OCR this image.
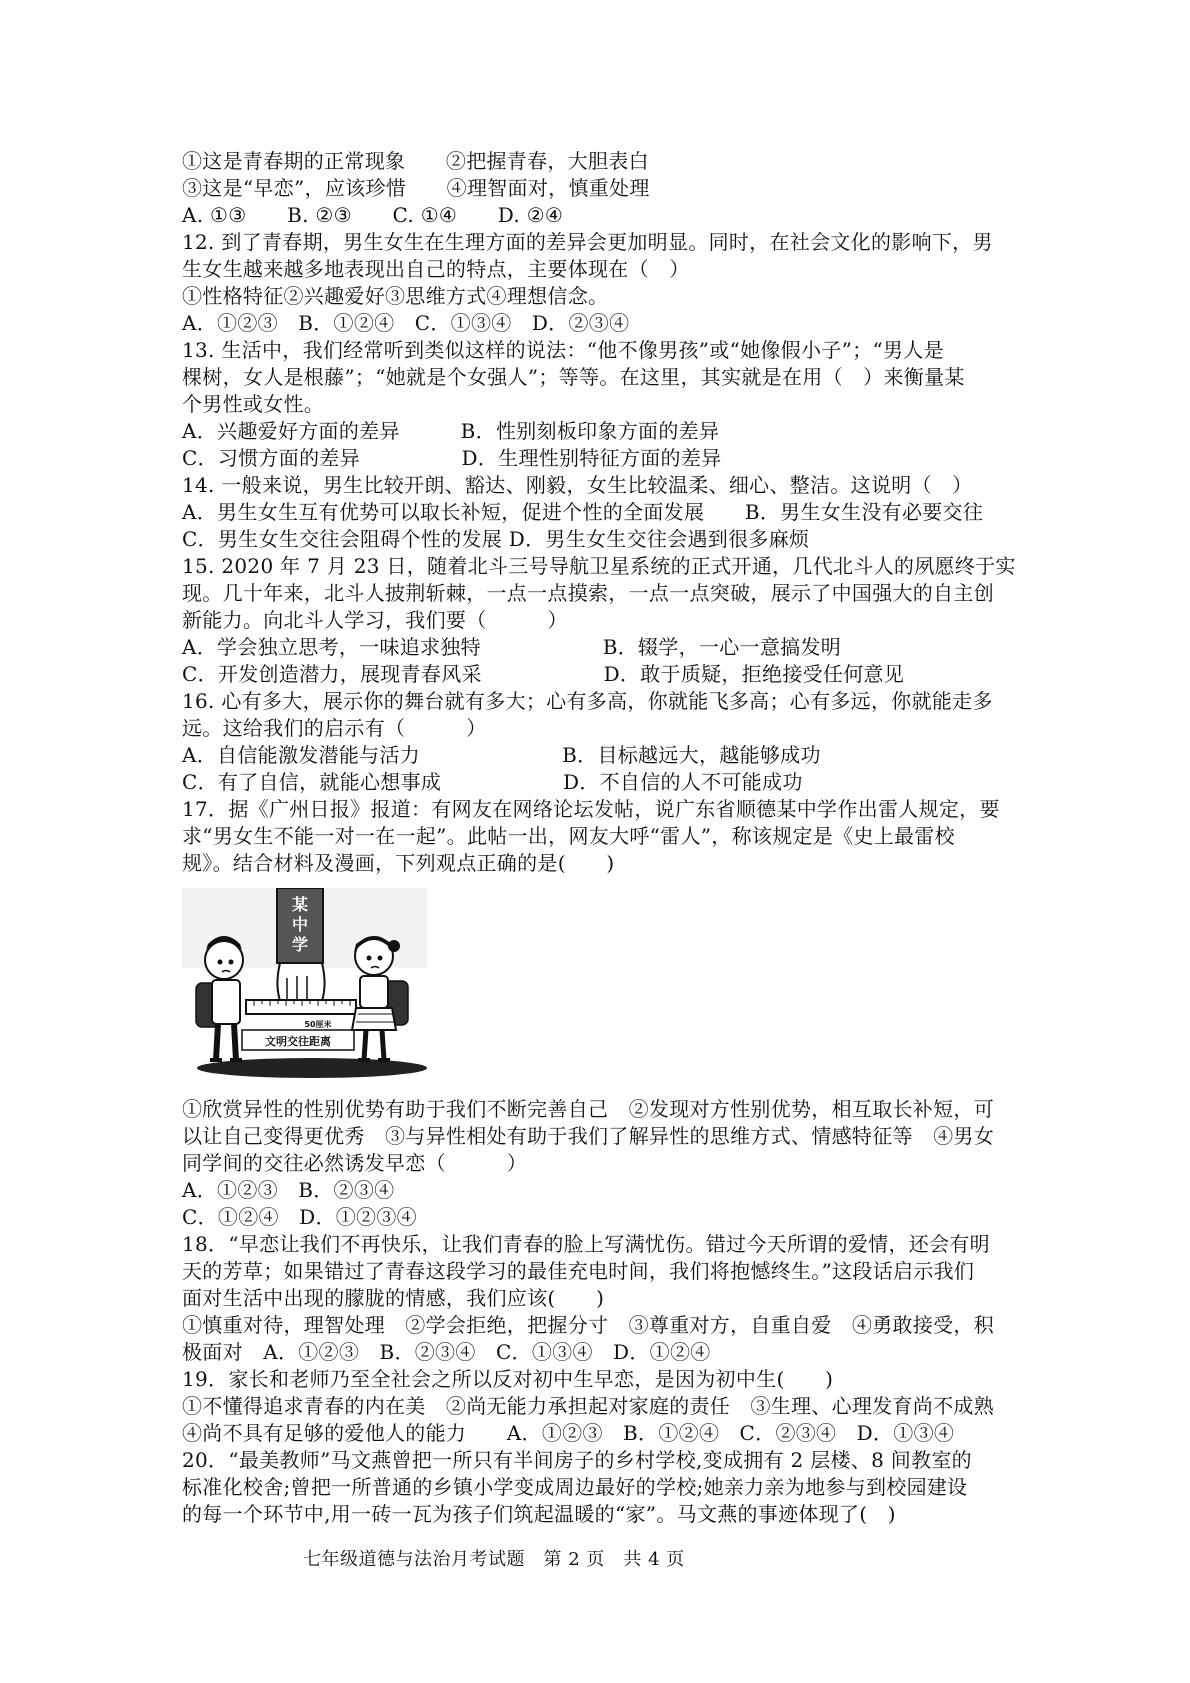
①这是青春期的正常现象　　②把握青春，大胆表白
③这是“早恋”，应该珍惜　　④理智面对，慎重处理
A. ①③　　B. ②③　　C. ①④　　D. ②④
12. 到了青春期，男生女生在生理方面的差异会更加明显。同时，在社会文化的影响下，男
生女生越来越多地表现出自己的特点，主要体现在（　）
①性格特征②兴趣爱好③思维方式④理想信念。
A．①②③　B．①②④　C．①③④　D．②③④
13. 生活中，我们经常听到类似这样的说法：“他不像男孩”或“她像假小子”；“男人是
棵树，女人是根藤”；“她就是个女强人”；等等。在这里，其实就是在用（　）来衡量某
个男性或女性。
A．兴趣爱好方面的差异　　　B．性别刻板印象方面的差异
C．习惯方面的差异　　　　　D．生理性别特征方面的差异
14. 一般来说，男生比较开朗、豁达、刚毅，女生比较温柔、细心、整洁。这说明（　）
A．男生女生互有优势可以取长补短，促进个性的全面发展　　B．男生女生没有必要交往
C．男生女生交往会阻碍个性的发展 D．男生女生交往会遇到很多麻烦
15. 2020 年 7 月 23 日，随着北斗三号导航卫星系统的正式开通，几代北斗人的夙愿终于实
现。几十年来，北斗人披荆斩棘，一点一点摸索，一点一点突破，展示了中国强大的自主创
新能力。向北斗人学习，我们要（　　　）
A．学会独立思考，一味追求独特　　　　　　B．辍学，一心一意搞发明
C．开发创造潜力，展现青春风采　　　　　　D．敢于质疑，拒绝接受任何意见
16. 心有多大，展示你的舞台就有多大；心有多高，你就能飞多高；心有多远，你就能走多
远。这给我们的启示有（　　　）
A．自信能激发潜能与活力　　　　　　　B．目标越远大，越能够成功
C．有了自信，就能心想事成　　　　　　D．不自信的人不可能成功
17．据《广州日报》报道：有网友在网络论坛发帖，说广东省顺德某中学作出雷人规定，要
求“男女生不能一对一在一起”。此帖一出，网友大呼“雷人”，称该规定是《史上最雷校
规》。结合材料及漫画，下列观点正确的是(　　)
某
中
学
50厘米
文明交往距离
①欣赏异性的性别优势有助于我们不断完善自己　②发现对方性别优势，相互取长补短，可
以让自己变得更优秀　③与异性相处有助于我们了解异性的思维方式、情感特征等　④男女
同学间的交往必然诱发早恋（　　　）
A．①②③　B．②③④
C．①②④　D．①②③④
18．“早恋让我们不再快乐，让我们青春的脸上写满忧伤。错过今天所谓的爱情，还会有明
天的芳草；如果错过了青春这段学习的最佳充电时间，我们将抱憾终生。”这段话启示我们
面对生活中出现的朦胧的情感，我们应该(　　)
①慎重对待，理智处理　②学会拒绝，把握分寸　③尊重对方，自重自爱　④勇敢接受，积
极面对　A．①②③　B．②③④　C．①③④　D．①②④
19．家长和老师乃至全社会之所以反对初中生早恋，是因为初中生(　　)
①不懂得追求青春的内在美　②尚无能力承担起对家庭的责任　③生理、心理发育尚不成熟
④尚不具有足够的爱他人的能力　　A．①②③　B．①②④　C．②③④　D．①③④
20．“最美教师”马文燕曾把一所只有半间房子的乡村学校,变成拥有 2 层楼、8 间教室的
标准化校舍;曾把一所普通的乡镇小学变成周边最好的学校;她亲力亲为地参与到校园建设
的每一个环节中,用一砖一瓦为孩子们筑起温暖的“家”。马文燕的事迹体现了(　)
七年级道德与法治月考试题　第 2 页　共 4 页
